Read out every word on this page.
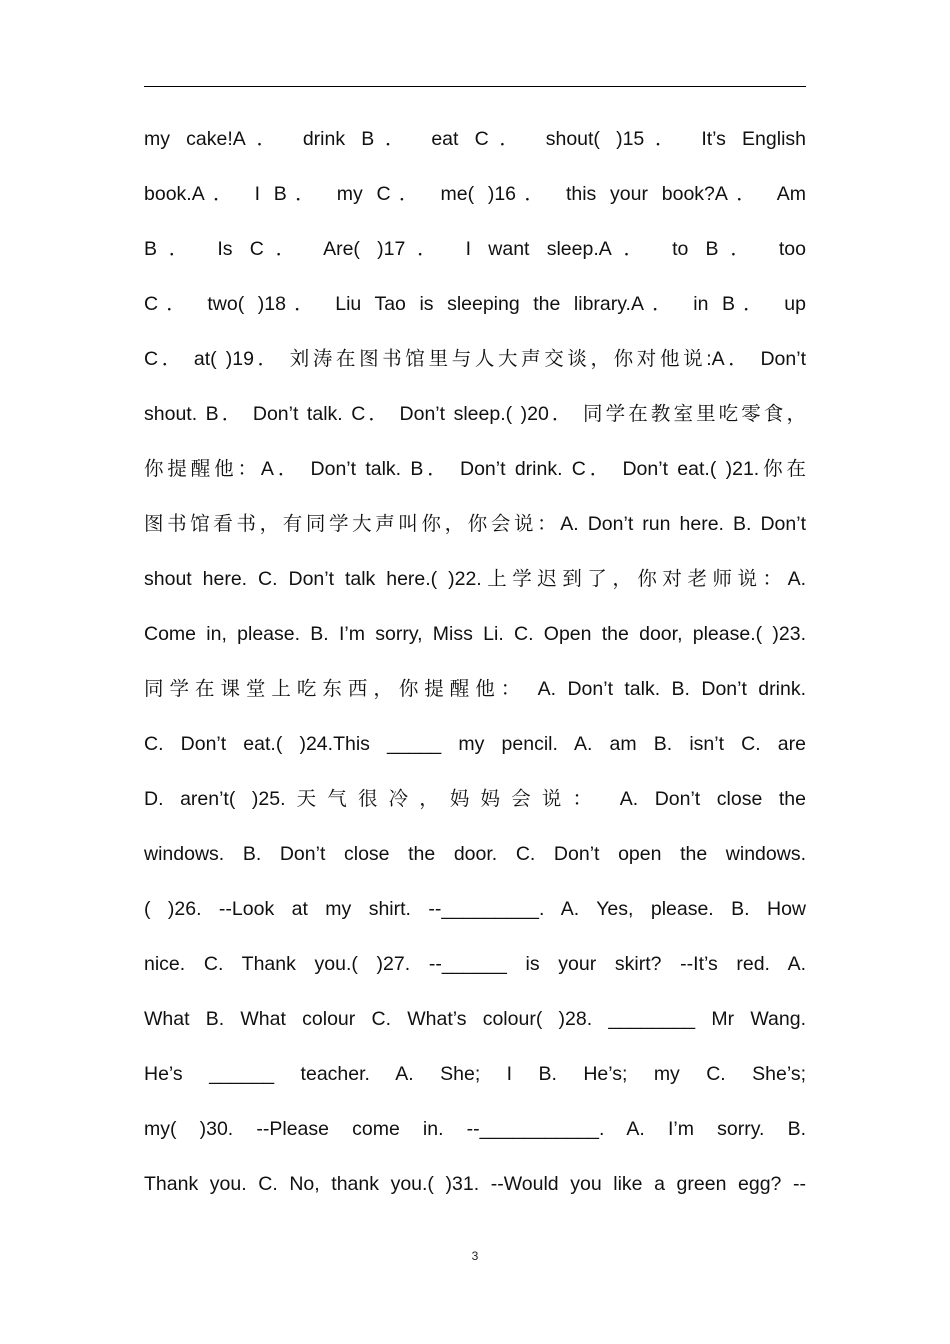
my cake!A． drink B． eat C． shout( )15． It’s English
book.A． I B． my C． me( )16． this your book?A． Am
B． Is C． Are( )17． I want sleep.A． to B． too
C． two( )18． Liu Tao is sleeping the library.A． in B． up
C． at( )19． 刘涛在图书馆里与人大声交谈，你对他说:A． Don’t
shout. B． Don’t talk. C． Don’t sleep.( )20． 同学在教室里吃零食，
你提醒他：A． Don’t talk. B． Don’t drink. C． Don’t eat.( )21.你在
图书馆看书，有同学大声叫你，你会说：A. Don’t run here. B. Don’t
shout here. C. Don’t talk here.( )22.上学迟到了，你对老师说：A.
Come in, please. B. I’m sorry, Miss Li. C. Open the door, please.( )23.
同学在课堂上吃东西，你提醒他： A. Don’t talk. B. Don’t drink.
C. Don’t eat.( )24.This _____ my pencil. A. am B. isn’t C. are
D. aren’t( )25.天气很冷，妈妈会说： A. Don’t close the
windows. B. Don’t close the door. C. Don’t open the windows.
( )26. --Look at my shirt. --_________. A. Yes, please. B. How
nice. C. Thank you.( )27. --______ is your skirt? --It’s red. A.
What B. What colour C. What’s colour( )28. ________ Mr Wang.
He’s ______ teacher. A. She; I B. He’s; my C. She’s;
my( )30. --Please come in. --___________. A. I’m sorry. B.
Thank you. C. No, thank you.( )31. --Would you like a green egg? --
3
